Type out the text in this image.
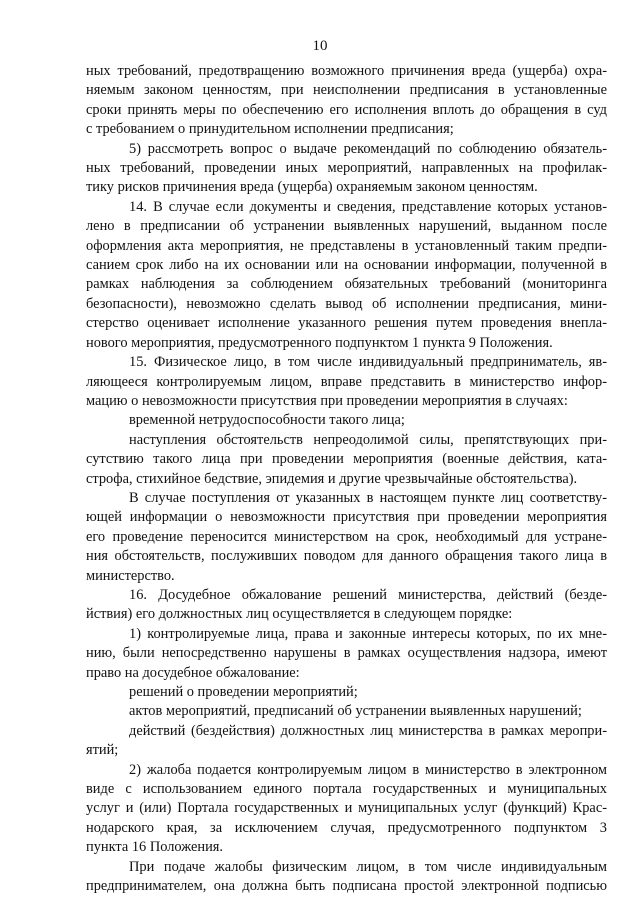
10
ных требований, предотвращению возможного причинения вреда (ущерба) охра-
няемым законом ценностям, при неисполнении предписания в установленные
сроки принять меры по обеспечению его исполнения вплоть до обращения в суд
с требованием о принудительном исполнении предписания;
5) рассмотреть вопрос о выдаче рекомендаций по соблюдению обязатель-
ных требований, проведении иных мероприятий, направленных на профилак-
тику рисков причинения вреда (ущерба) охраняемым законом ценностям.
14. В случае если документы и сведения, представление которых установ-
лено в предписании об устранении выявленных нарушений, выданном после
оформления акта мероприятия, не представлены в установленный таким предпи-
санием срок либо на их основании или на основании информации, полученной в
рамках наблюдения за соблюдением обязательных требований (мониторинга
безопасности), невозможно сделать вывод об исполнении предписания, мини-
стерство оценивает исполнение указанного решения путем проведения внепла-
нового мероприятия, предусмотренного подпунктом 1 пункта 9 Положения.
15. Физическое лицо, в том числе индивидуальный предприниматель, яв-
ляющееся контролируемым лицом, вправе представить в министерство инфор-
мацию о невозможности присутствия при проведении мероприятия в случаях:
временной нетрудоспособности такого лица;
наступления обстоятельств непреодолимой силы, препятствующих при-
сутствию такого лица при проведении мероприятия (военные действия, ката-
строфа, стихийное бедствие, эпидемия и другие чрезвычайные обстоятельства).
В случае поступления от указанных в настоящем пункте лиц соответству-
ющей информации о невозможности присутствия при проведении мероприятия
его проведение переносится министерством на срок, необходимый для устране-
ния обстоятельств, послуживших поводом для данного обращения такого лица в
министерство.
16. Досудебное обжалование решений министерства, действий (безде-
йствия) его должностных лиц осуществляется в следующем порядке:
1) контролируемые лица, права и законные интересы которых, по их мне-
нию, были непосредственно нарушены в рамках осуществления надзора, имеют
право на досудебное обжалование:
решений о проведении мероприятий;
актов мероприятий, предписаний об устранении выявленных нарушений;
действий (бездействия) должностных лиц министерства в рамках меропри-
ятий;
2) жалоба подается контролируемым лицом в министерство в электронном
виде с использованием единого портала государственных и муниципальных
услуг и (или) Портала государственных и муниципальных услуг (функций) Крас-
нодарского края, за исключением случая, предусмотренного подпунктом 3
пункта 16 Положения.
При подаче жалобы физическим лицом, в том числе индивидуальным
предпринимателем, она должна быть подписана простой электронной подписью
